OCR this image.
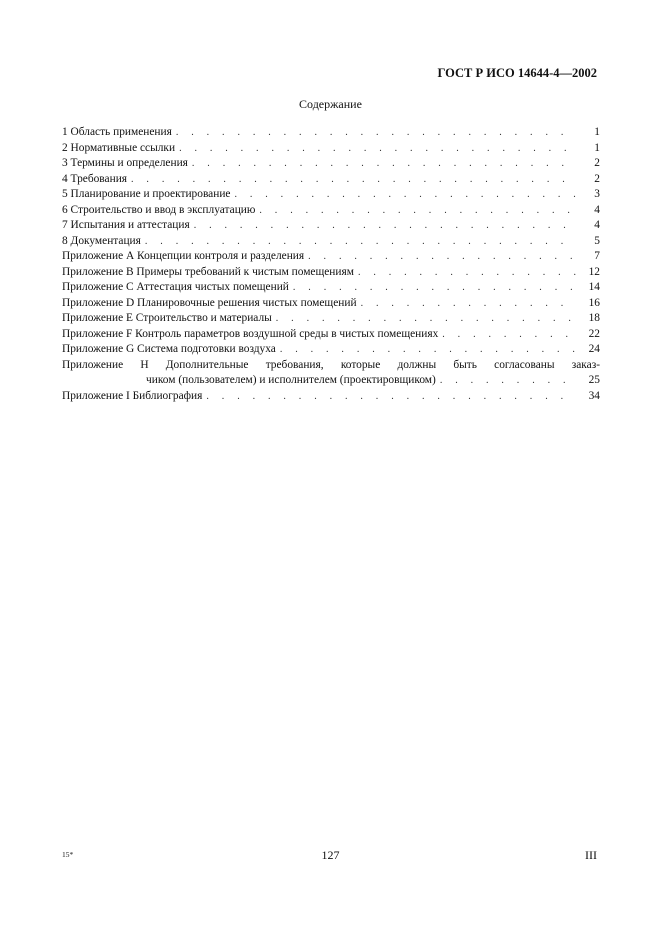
ГОСТ Р ИСО 14644-4—2002
Содержание
1 Область применения . . .	1
2 Нормативные ссылки . . .	1
3 Термины и определения . . .	2
4 Требования . . .	2
5 Планирование и проектирование . . .	3
6 Строительство и ввод в эксплуатацию . . .	4
7 Испытания и аттестация . . .	4
8 Документация . . .	5
Приложение А Концепции контроля и разделения . . .	7
Приложение В Примеры требований к чистым помещениям . . .	12
Приложение С Аттестация чистых помещений . . .	14
Приложение D Планировочные решения чистых помещений . . .	16
Приложение Е Строительство и материалы . . .	18
Приложение F Контроль параметров воздушной среды в чистых помещениях . . .	22
Приложение G Система подготовки воздуха . . .	24
Приложение Н Дополнительные требования, которые должны быть согласованы заказ-
чиком (пользователем) и исполнителем (проектировщиком) . . .	25
Приложение I Библиография . . .	34
15*	127	III
